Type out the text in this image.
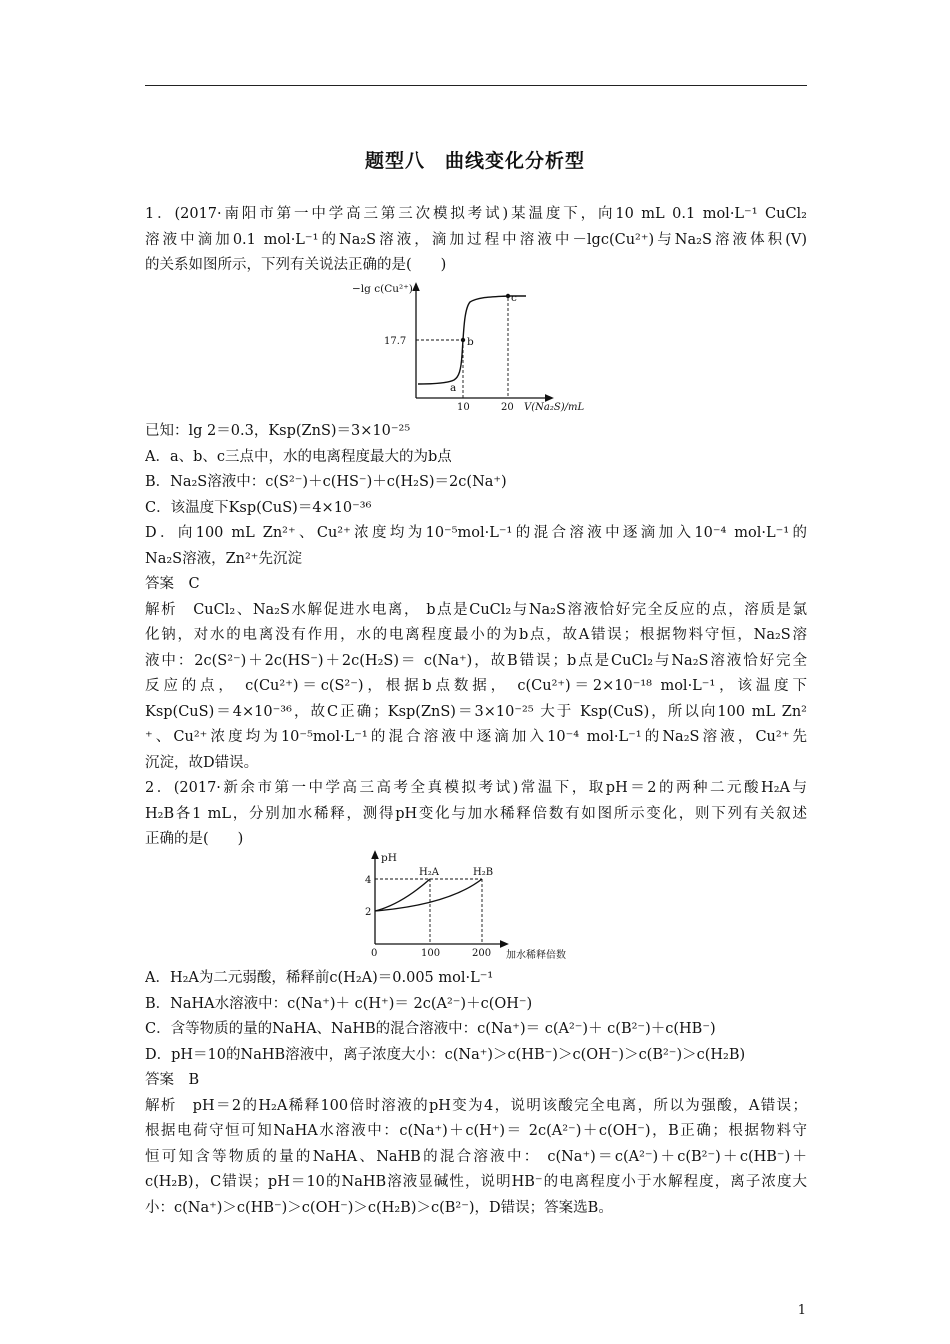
题型八　曲线变化分析型
1．(2017·南阳市第一中学高三第三次模拟考试)某温度下，向10 mL 0.1 mol·L⁻¹ CuCl₂
溶液中滴加0.1 mol·L⁻¹的Na₂S溶液，滴加过程中溶液中－lgc(Cu²⁺)与Na₂S溶液体积(V)
的关系如图所示，下列有关说法正确的是(　　)
−lg c(Cu²⁺)
17.7
a
b
c
10	20 V(Na₂S)/mL
已知：lg 2＝0.3，Ksp(ZnS)＝3×10⁻²⁵
A．a、b、c三点中，水的电离程度最大的为b点
B．Na₂S溶液中：c(S²⁻)＋c(HS⁻)＋c(H₂S)＝2c(Na⁺)
C．该温度下Ksp(CuS)＝4×10⁻³⁶
D．向100 mL Zn²⁺、Cu²⁺浓度均为10⁻⁵mol·L⁻¹的混合溶液中逐滴加入10⁻⁴ mol·L⁻¹的
Na₂S溶液，Zn²⁺先沉淀
答案　C
解析　CuCl₂、Na₂S水解促进水电离， b点是CuCl₂与Na₂S溶液恰好完全反应的点，溶质是氯
化钠，对水的电离没有作用，水的电离程度最小的为b点，故A错误；根据物料守恒，Na₂S溶
液中：2c(S²⁻)＋2c(HS⁻)＋2c(H₂S)＝ c(Na⁺)，故B错误；b点是CuCl₂与Na₂S溶液恰好完全
反应的点， c(Cu²⁺)＝c(S²⁻)，根据b点数据， c(Cu²⁺)＝2×10⁻¹⁸ mol·L⁻¹，该温度下
Ksp(CuS)＝4×10⁻³⁶，故C正确；Ksp(ZnS)＝3×10⁻²⁵ 大于 Ksp(CuS)，所以向100 mL Zn²
⁺、Cu²⁺浓度均为10⁻⁵mol·L⁻¹的混合溶液中逐滴加入10⁻⁴ mol·L⁻¹的Na₂S溶液，Cu²⁺先
沉淀，故D错误。
2．(2017·新余市第一中学高三高考全真模拟考试)常温下，取pH＝2的两种二元酸H₂A与
H₂B各1 mL，分别加水稀释，测得pH变化与加水稀释倍数有如图所示变化，则下列有关叙述
正确的是(　　)
pH
4
2
0
H₂A	H₂B
100	200 加水稀释倍数
A．H₂A为二元弱酸，稀释前c(H₂A)＝0.005 mol·L⁻¹
B．NaHA水溶液中：c(Na⁺)＋ c(H⁺)＝ 2c(A²⁻)＋c(OH⁻)
C．含等物质的量的NaHA、NaHB的混合溶液中：c(Na⁺)＝ c(A²⁻)＋ c(B²⁻)＋c(HB⁻)
D．pH＝10的NaHB溶液中，离子浓度大小：c(Na⁺)＞c(HB⁻)＞c(OH⁻)＞c(B²⁻)＞c(H₂B)
答案　B
解析　pH＝2的H₂A稀释100倍时溶液的pH变为4，说明该酸完全电离，所以为强酸，A错误；
根据电荷守恒可知NaHA水溶液中：c(Na⁺)＋c(H⁺)＝ 2c(A²⁻)＋c(OH⁻)，B正确；根据物料守
恒可知含等物质的量的NaHA、NaHB的混合溶液中： c(Na⁺)＝c(A²⁻)＋c(B²⁻)＋c(HB⁻)＋
c(H₂B)，C错误；pH＝10的NaHB溶液显碱性，说明HB⁻的电离程度小于水解程度，离子浓度大
小：c(Na⁺)＞c(HB⁻)＞c(OH⁻)＞c(H₂B)＞c(B²⁻)，D错误；答案选B。
1
